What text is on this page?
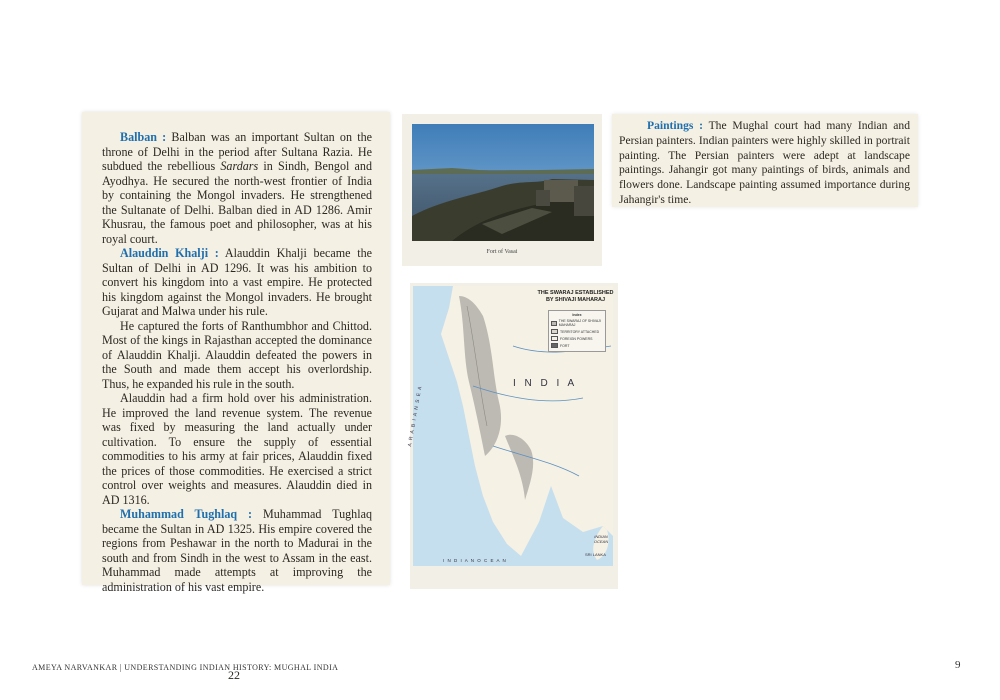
Balban : Balban was an important Sultan on the throne of Delhi in the period after Sultana Razia. He subdued the rebellious Sardars in Sindh, Bengol and Ayodhya. He secured the north-west frontier of India by containing the Mongol invaders. He strengthened the Sultanate of Delhi. Balban died in AD 1286. Amir Khusrau, the famous poet and philosopher, was at his royal court.

Alauddin Khalji : Alauddin Khalji became the Sultan of Delhi in AD 1296. It was his ambition to convert his kingdom into a vast empire. He protected his kingdom against the Mongol invaders. He brought Gujarat and Malwa under his rule.

He captured the forts of Ranthumbhor and Chittod. Most of the kings in Rajasthan accepted the dominance of Alauddin Khalji. Alauddin defeated the powers in the South and made them accept his overlordship. Thus, he expanded his rule in the south.

Alauddin had a firm hold over his administration. He improved the land revenue system. The revenue was fixed by measuring the land actually under cultivation. To ensure the supply of essential commodities to his army at fair prices, Alauddin fixed the prices of those commodities. He exercised a strict control over weights and measures. Alauddin died in AD 1316.

Muhammad Tughlaq : Muhammad Tughlaq became the Sultan in AD 1325. His empire covered the regions from Peshawar in the north to Madurai in the south and from Sindh in the west to Assam in the east. Muhammad made attempts at improving the administration of his vast empire.

22
Fort of Vasai
SRI LANKA
THE SWARAJ ESTABLISHED BY SHIVAJI MAHARAJ
Index
THE SWARAJ OF SHIVAJI MAHARAJ
TERRITORY ATTACHED
FOREIGN POWERS
FORT
I N D I A
A R A B I A N S E A
I N D I A N O C E A N
INDIAN OCEAN

Paintings : The Mughal court had many Indian and Persian painters. Indian painters were highly skilled in portrait painting. The Persian painters were adept at landscape paintings. Jahangir got many paintings of birds, animals and flowers done. Landscape painting assumed importance during Jahangir's time.

AMEYA NARVANKAR | UNDERSTANDING INDIAN HISTORY: MUGHAL INDIA	9
